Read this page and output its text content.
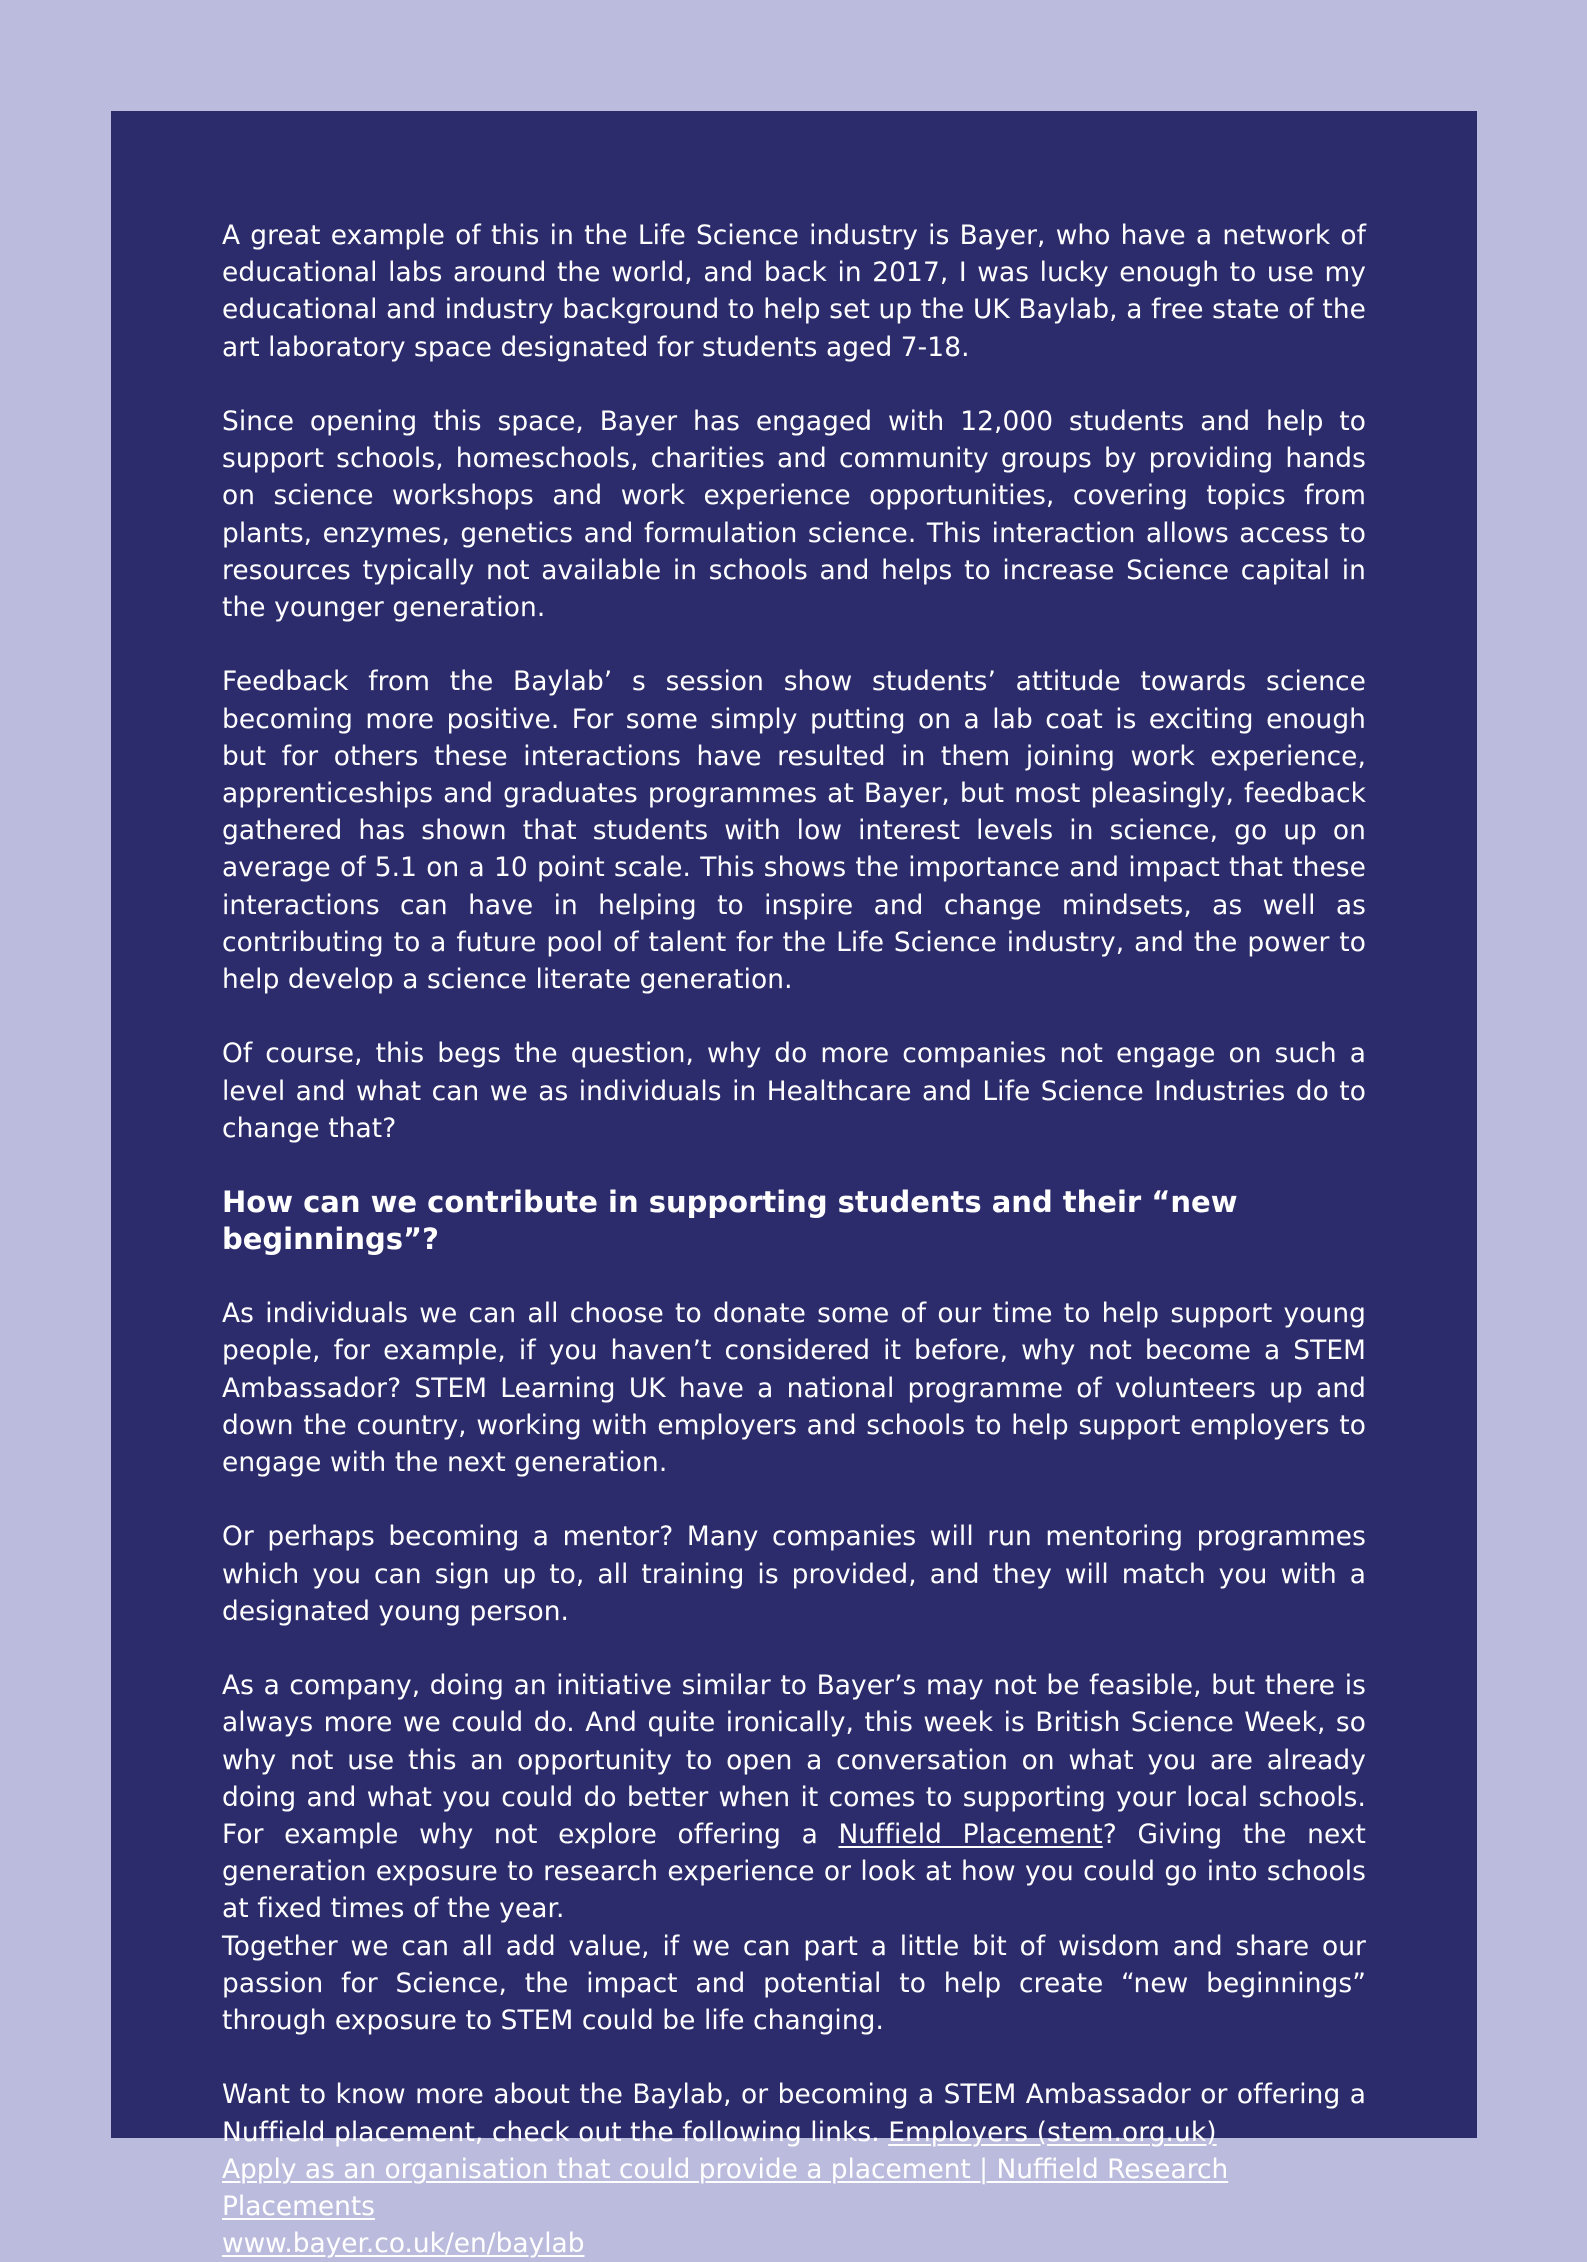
A great example of this in the Life Science industry is Bayer, who have a network of educational labs around the world, and back in 2017, I was lucky enough to use my educational and industry background to help set up the UK Baylab, a free state of the art laboratory space designated for students aged 7-18.

Since opening this space, Bayer has engaged with 12,000 students and help to support schools, homeschools, charities and community groups by providing hands on science workshops and work experience opportunities, covering topics from plants, enzymes, genetics and formulation science. This interaction allows access to resources typically not available in schools and helps to increase Science capital in the younger generation.

Feedback from the Baylab’ s session show students’ attitude towards science becoming more positive. For some simply putting on a lab coat is exciting enough but for others these interactions have resulted in them joining work experience, apprenticeships and graduates programmes at Bayer, but most pleasingly, feedback gathered has shown that students with low interest levels in science, go up on average of 5.1 on a 10 point scale. This shows the importance and impact that these interactions can have in helping to inspire and change mindsets, as well as contributing to a future pool of talent for the Life Science industry, and the power to help develop a science literate generation.

Of course, this begs the question, why do more companies not engage on such a level and what can we as individuals in Healthcare and Life Science Industries do to change that?

How can we contribute in supporting students and their “new beginnings”?

As individuals we can all choose to donate some of our time to help support young people, for example, if you haven’t considered it before, why not become a STEM Ambassador? STEM Learning UK have a national programme of volunteers up and down the country, working with employers and schools to help support employers to engage with the next generation.

Or perhaps becoming a mentor? Many companies will run mentoring programmes which you can sign up to, all training is provided, and they will match you with a designated young person.

As a company, doing an initiative similar to Bayer’s may not be feasible, but there is always more we could do. And quite ironically, this week is British Science Week, so why not use this an opportunity to open a conversation on what you are already doing and what you could do better when it comes to supporting your local schools. For example why not explore offering a Nuffield Placement? Giving the next generation exposure to research experience or look at how you could go into schools at fixed times of the year.

Together we can all add value, if we can part a little bit of wisdom and share our passion for Science, the impact and potential to help create “new beginnings” through exposure to STEM could be life changing.

Want to know more about the Baylab, or becoming a STEM Ambassador or offering a Nuffield placement, check out the following links. Employers (stem.org.uk)

Apply as an organisation that could provide a placement | Nuffield Research Placements
www.bayer.co.uk/en/baylab
